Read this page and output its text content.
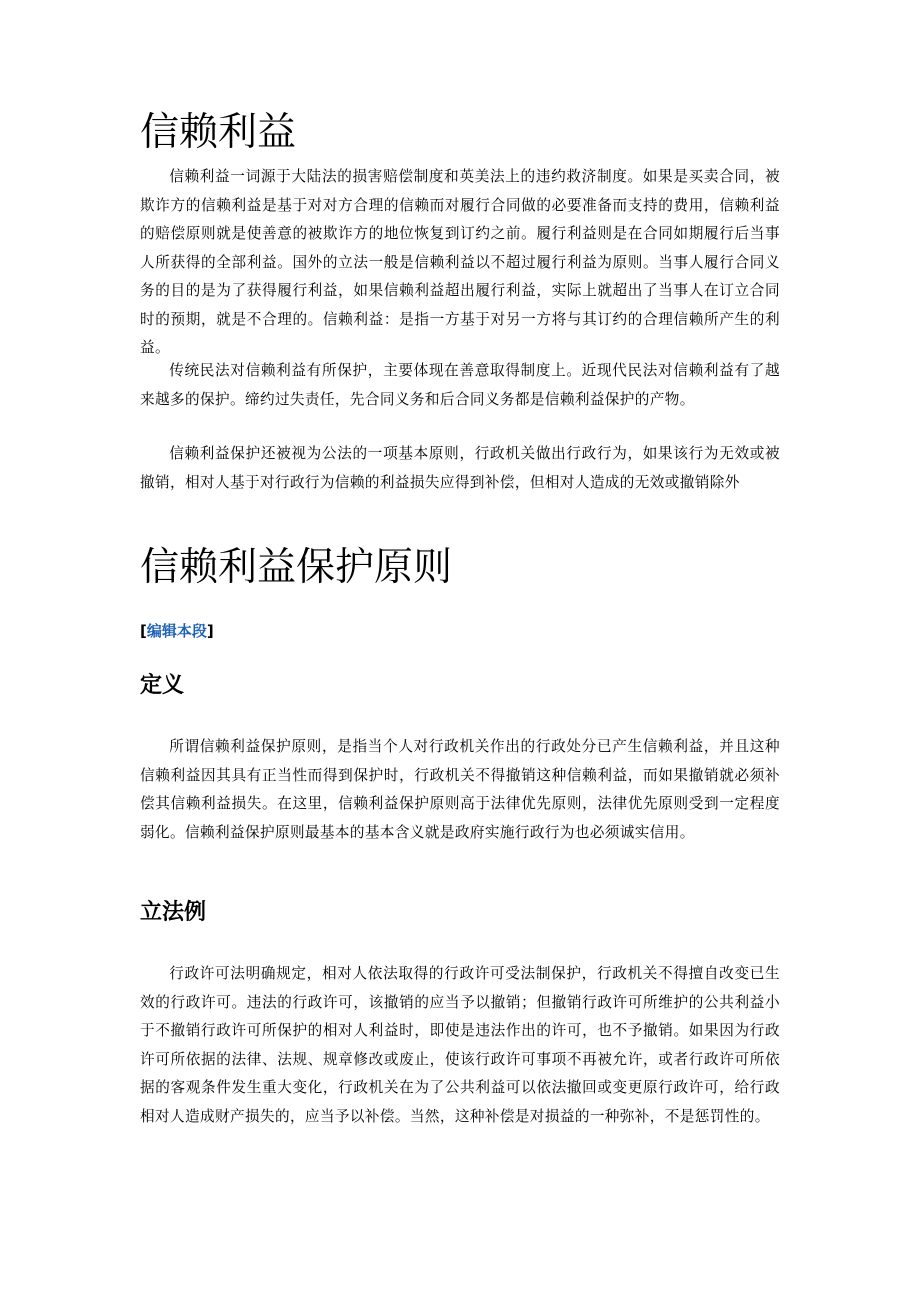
信赖利益

信赖利益一词源于大陆法的损害赔偿制度和英美法上的违约救济制度。如果是买卖合同，被欺诈方的信赖利益是基于对对方合理的信赖而对履行合同做的必要准备而支持的费用，信赖利益的赔偿原则就是使善意的被欺诈方的地位恢复到订约之前。履行利益则是在合同如期履行后当事人所获得的全部利益。国外的立法一般是信赖利益以不超过履行利益为原则。当事人履行合同义务的目的是为了获得履行利益，如果信赖利益超出履行利益，实际上就超出了当事人在订立合同时的预期，就是不合理的。信赖利益：是指一方基于对另一方将与其订约的合理信赖所产生的利益。

传统民法对信赖利益有所保护，主要体现在善意取得制度上。近现代民法对信赖利益有了越来越多的保护。缔约过失责任，先合同义务和后合同义务都是信赖利益保护的产物。

信赖利益保护还被视为公法的一项基本原则，行政机关做出行政行为，如果该行为无效或被撤销，相对人基于对行政行为信赖的利益损失应得到补偿，但相对人造成的无效或撤销除外

信赖利益保护原则
[编辑本段]
定义

所谓信赖利益保护原则，是指当个人对行政机关作出的行政处分已产生信赖利益，并且这种信赖利益因其具有正当性而得到保护时，行政机关不得撤销这种信赖利益，而如果撤销就必须补偿其信赖利益损失。在这里，信赖利益保护原则高于法律优先原则，法律优先原则受到一定程度弱化。信赖利益保护原则最基本的基本含义就是政府实施行政行为也必须诚实信用。

立法例

行政许可法明确规定，相对人依法取得的行政许可受法制保护，行政机关不得擅自改变已生效的行政许可。违法的行政许可，该撤销的应当予以撤销；但撤销行政许可所维护的公共利益小于不撤销行政许可所保护的相对人利益时，即使是违法作出的许可，也不予撤销。如果因为行政许可所依据的法律、法规、规章修改或废止，使该行政许可事项不再被允许，或者行政许可所依据的客观条件发生重大变化，行政机关在为了公共利益可以依法撤回或变更原行政许可，给行政相对人造成财产损失的，应当予以补偿。当然，这种补偿是对损益的一种弥补，不是惩罚性的。
